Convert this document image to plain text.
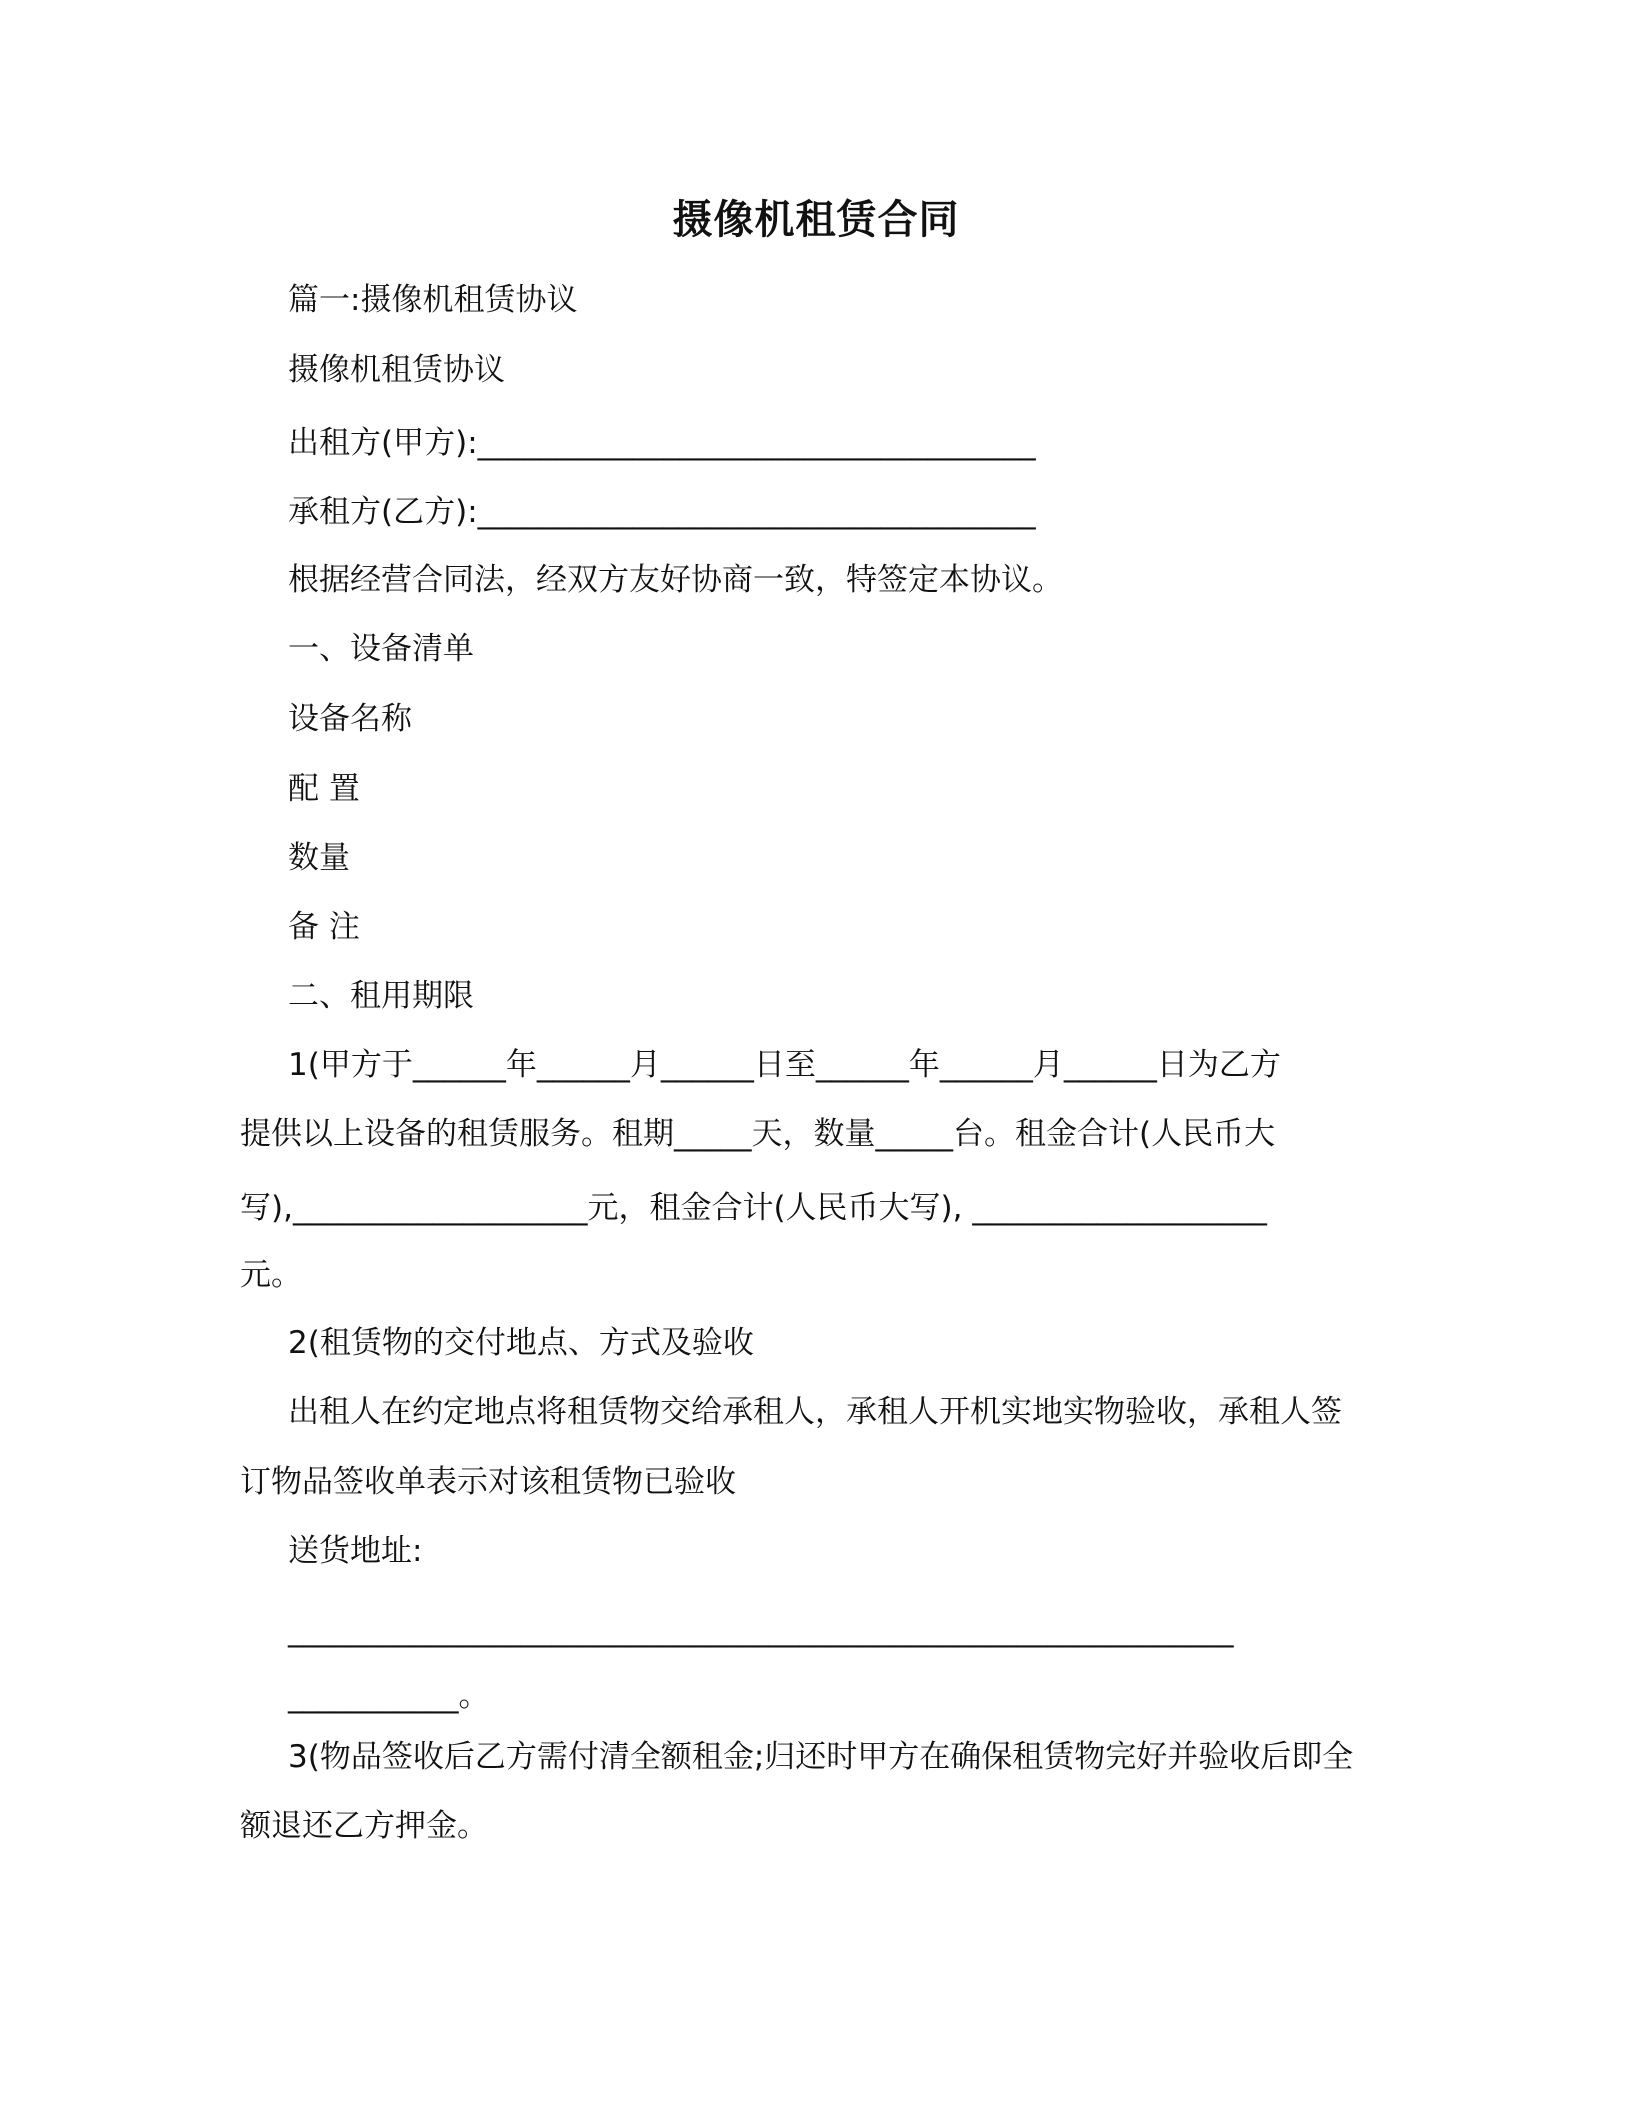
摄像机租赁合同
篇一:摄像机租赁协议
摄像机租赁协议
出租方(甲方):____________________________________
承租方(乙方):____________________________________
根据经营合同法，经双方友好协商一致，特签定本协议。
一、设备清单
设备名称
配 置
数量
备 注
二、租用期限
1(甲方于______年______月______日至______年______月______日为乙方
提供以上设备的租赁服务。租期_____天，数量_____台。租金合计(人民币大
写),___________________元，租金合计(人民币大写), ___________________
元。
2(租赁物的交付地点、方式及验收
出租人在约定地点将租赁物交给承租人，承租人开机实地实物验收，承租人签
订物品签收单表示对该租赁物已验收
送货地址:
_____________________________________________________________
___________。
3(物品签收后乙方需付清全额租金;归还时甲方在确保租赁物完好并验收后即全
额退还乙方押金。
